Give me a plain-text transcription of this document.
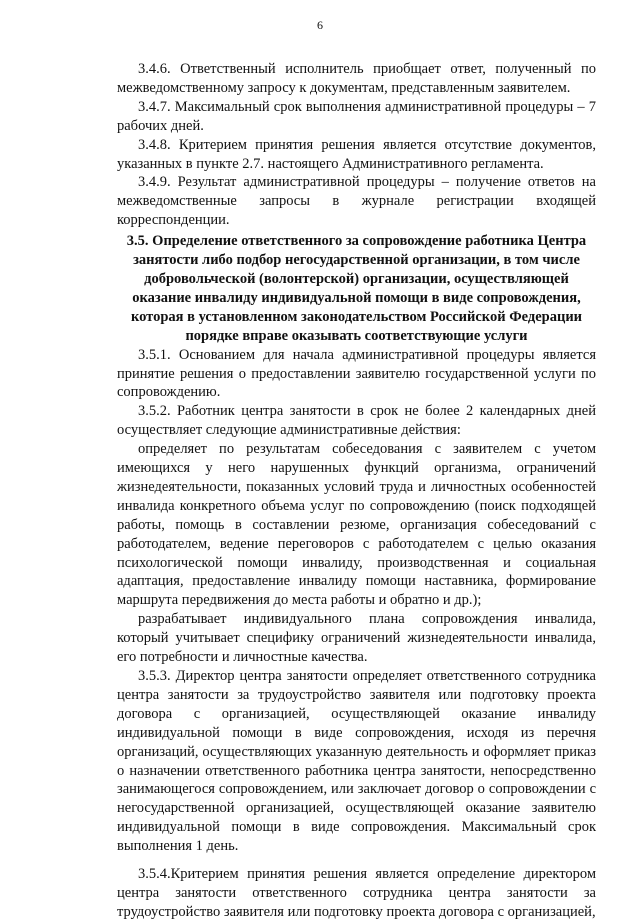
6

3.4.6. Ответственный исполнитель приобщает ответ, полученный по межведомственному запросу к документам, представленным заявителем.

3.4.7. Максимальный срок выполнения административной процедуры – 7 рабочих дней.

3.4.8. Критерием принятия решения является отсутствие документов, указанных в пункте 2.7. настоящего Административного регламента.

3.4.9. Результат административной процедуры – получение ответов на межведомственные запросы в журнале регистрации входящей корреспонденции.

3.5. Определение ответственного за сопровождение работника Центра занятости либо подбор негосударственной организации, в том числе добровольческой (волонтерской) организации, осуществляющей оказание инвалиду индивидуальной помощи в виде сопровождения, которая в установленном законодательством Российской Федерации порядке вправе оказывать соответствующие услуги

3.5.1. Основанием для начала административной процедуры является принятие решения о предоставлении заявителю государственной услуги по сопровождению.

3.5.2. Работник центра занятости в срок не более 2 календарных дней осуществляет следующие административные действия:

определяет по результатам собеседования с заявителем с учетом имеющихся у него нарушенных функций организма, ограничений жизнедеятельности, показанных условий труда и личностных особенностей инвалида конкретного объема услуг по сопровождению (поиск подходящей работы, помощь в составлении резюме, организация собеседований с работодателем, ведение переговоров с работодателем с целью оказания психологической помощи инвалиду, производственная и социальная адаптация, предоставление инвалиду помощи наставника, формирование маршрута передвижения до места работы и обратно и др.);

разрабатывает индивидуального плана сопровождения инвалида, который учитывает специфику ограничений жизнедеятельности инвалида, его потребности и личностные качества.

3.5.3. Директор центра занятости определяет ответственного сотрудника центра занятости за трудоустройство заявителя или подготовку проекта договора с организацией, осуществляющей оказание инвалиду индивидуальной помощи в виде сопровождения, исходя из перечня организаций, осуществляющих указанную деятельность и оформляет приказ о назначении ответственного работника центра занятости, непосредственно занимающегося сопровождением, или заключает договор о сопровождении с негосударственной организацией, осуществляющей оказание заявителю индивидуальной помощи в виде сопровождения. Максимальный срок выполнения 1 день.

3.5.4.Критерием принятия решения является определение директором центра занятости ответственного сотрудника центра занятости за трудоустройство заявителя или подготовку проекта договора с организацией,
